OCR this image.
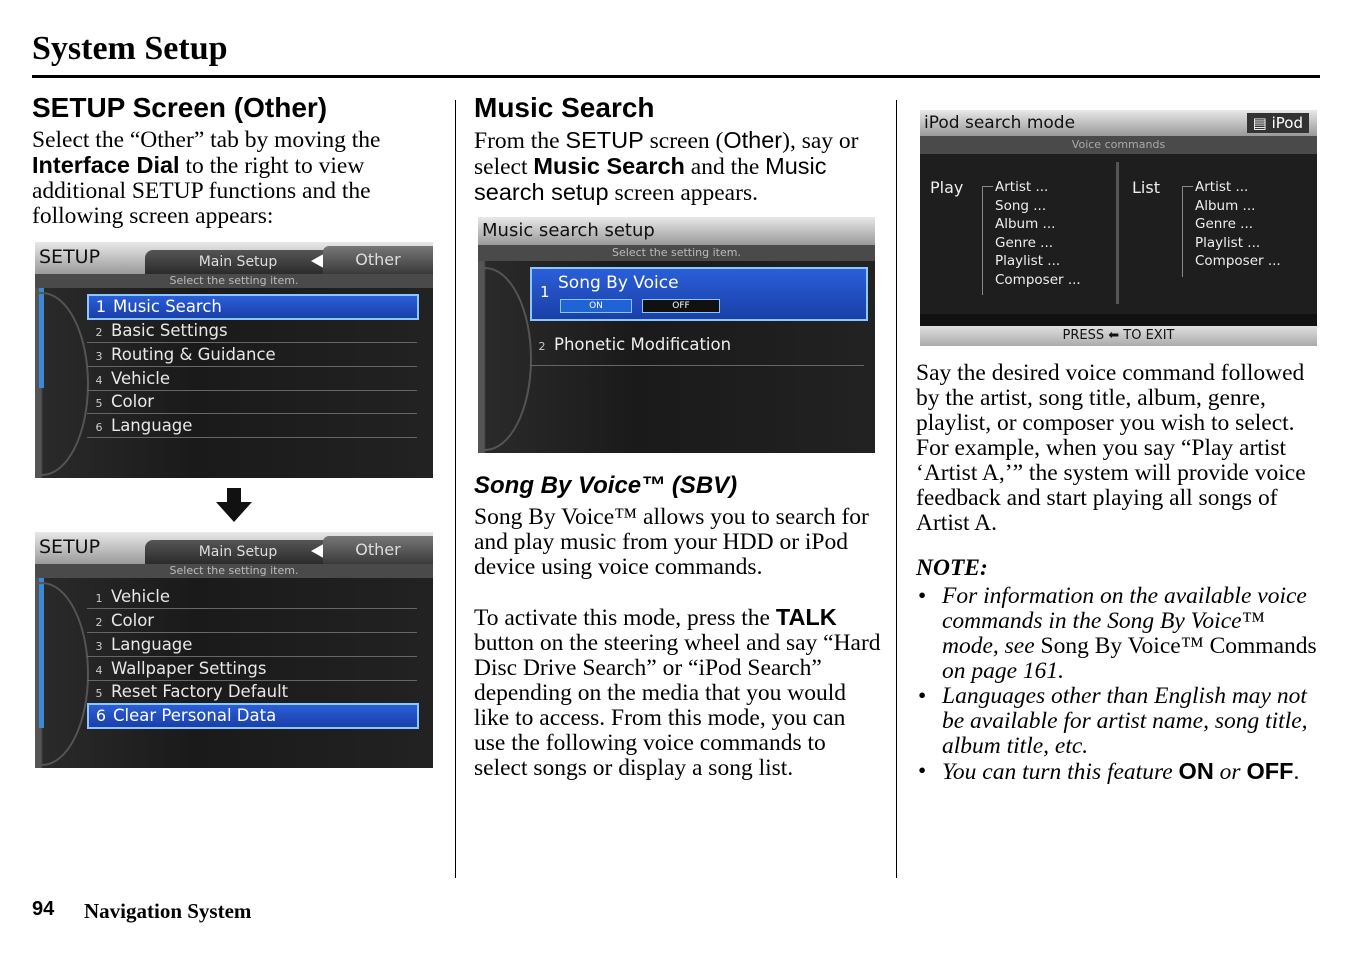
System Setup
SETUP Screen (Other)
Select the “Other” tab by moving the Interface Dial to the right to view additional SETUP functions and the following screen appears:
SETUP	Main Setup	Other
Select the setting item.
1 Music Search
2 Basic Settings
3 Routing & Guidance
4 Vehicle
5 Color
6 Language
SETUP	Main Setup	Other
Select the setting item.
1 Vehicle
2 Color
3 Language
4 Wallpaper Settings
5 Reset Factory Default
6 Clear Personal Data
Music Search
From the SETUP screen (Other), say or select Music Search and the Music search setup screen appears.
Music search setup
Select the setting item.
1 Song By Voice
ON	OFF
2 Phonetic Modification
Song By Voice™ (SBV)
Song By Voice™ allows you to search for and play music from your HDD or iPod device using voice commands.
To activate this mode, press the TALK button on the steering wheel and say “Hard Disc Drive Search” or “iPod Search” depending on the media that you would like to access. From this mode, you can use the following voice commands to select songs or display a song list.
iPod search mode	▤ iPod
Voice commands
Play Artist ...
Song ...
Album ...
Genre ...
Playlist ...
Composer ...
List	Artist ...
Album ...
Genre ...
Playlist ...
Composer ...
PRESS ⬅ TO EXIT
Say the desired voice command followed by the artist, song title, album, genre, playlist, or composer you wish to select. For example, when you say “Play artist ‘Artist A,’” the system will provide voice feedback and start playing all songs of Artist A.
NOTE:
• For information on the available voice commands in the Song By Voice™ mode, see Song By Voice™ Commands on page 161.
• Languages other than English may not be available for artist name, song title, album title, etc.
• You can turn this feature ON or OFF.
94 Navigation System
